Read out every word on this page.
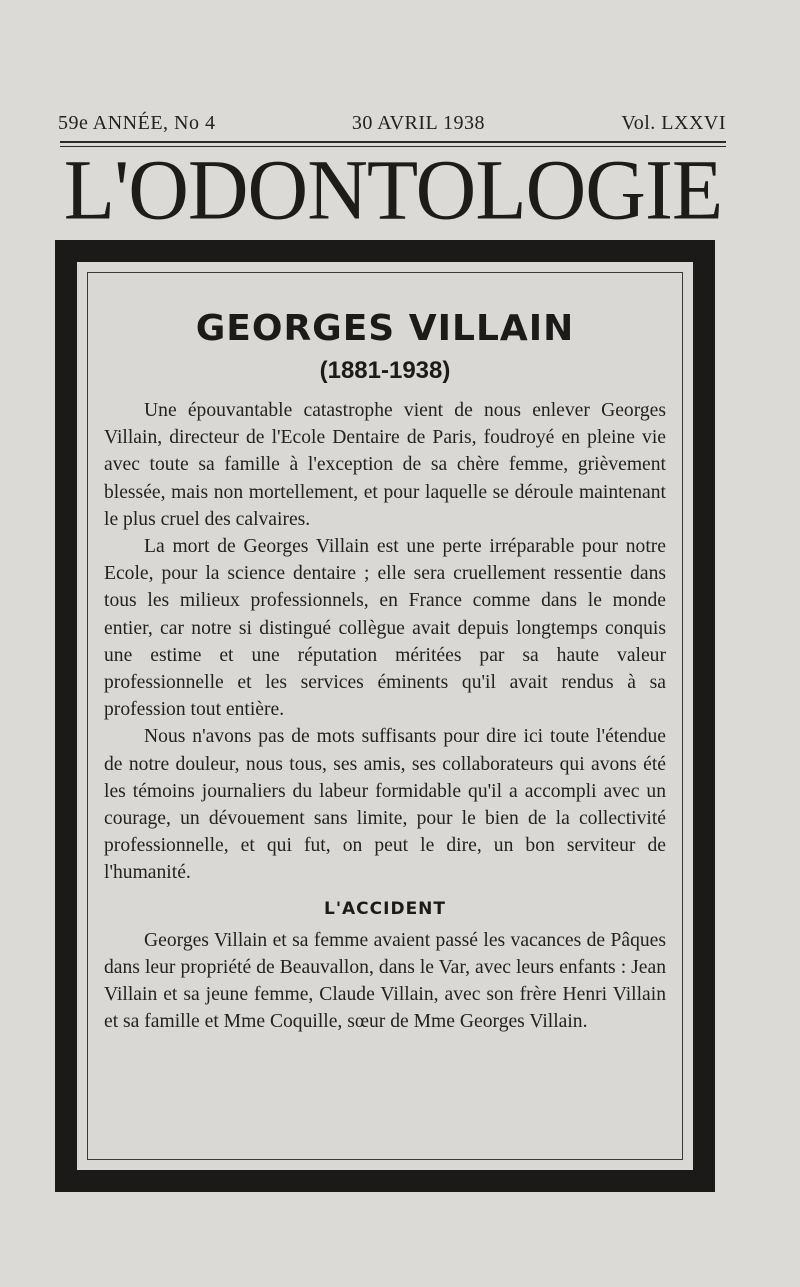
59e ANNÉE, No 4	30 AVRIL 1938	Vol. LXXVI
L'ODONTOLOGIE
GEORGES VILLAIN
(1881-1938)

Une épouvantable catastrophe vient de nous enlever Georges Villain, directeur de l'Ecole Dentaire de Paris, foudroyé en pleine vie avec toute sa famille à l'exception de sa chère femme, grièvement blessée, mais non mortellement, et pour laquelle se déroule maintenant le plus cruel des calvaires.

La mort de Georges Villain est une perte irréparable pour notre Ecole, pour la science dentaire ; elle sera cruellement ressentie dans tous les milieux professionnels, en France comme dans le monde entier, car notre si distingué collègue avait depuis longtemps conquis une estime et une réputation méritées par sa haute valeur professionnelle et les services éminents qu'il avait rendus à sa profession tout entière.

Nous n'avons pas de mots suffisants pour dire ici toute l'étendue de notre douleur, nous tous, ses amis, ses collaborateurs qui avons été les témoins journaliers du labeur formidable qu'il a accompli avec un courage, un dévouement sans limite, pour le bien de la collectivité professionnelle, et qui fut, on peut le dire, un bon serviteur de l'humanité.

L'ACCIDENT

Georges Villain et sa femme avaient passé les vacances de Pâques dans leur propriété de Beauvallon, dans le Var, avec leurs enfants : Jean Villain et sa jeune femme, Claude Villain, avec son frère Henri Villain et sa famille et Mme Coquille, sœur de Mme Georges Villain.
